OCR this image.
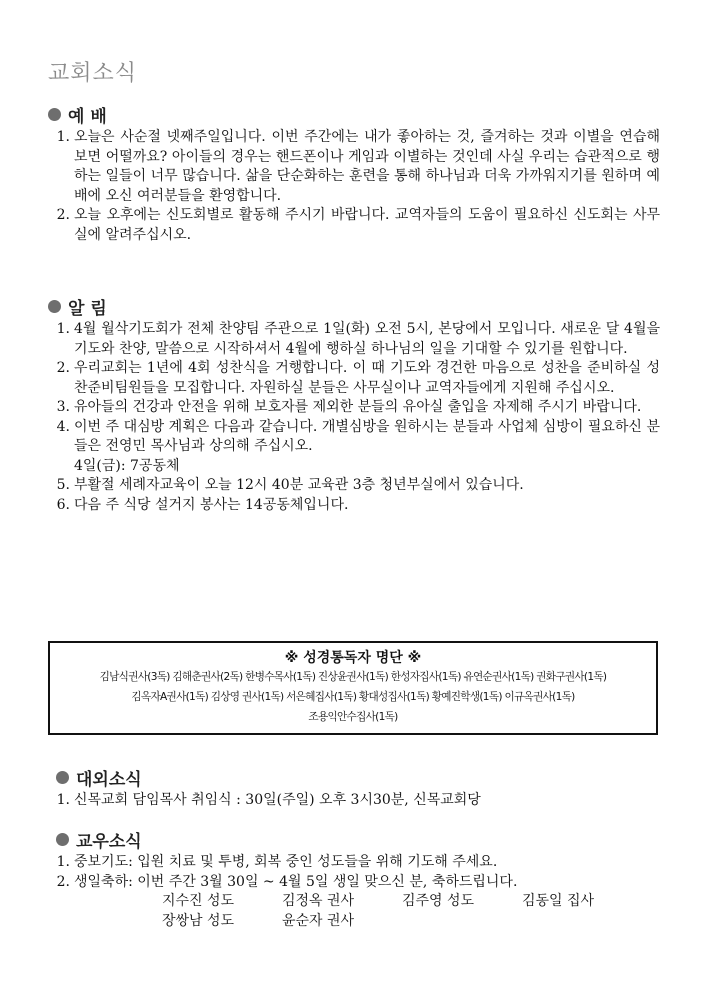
교회소식
예 배
1. 오늘은 사순절 넷째주일입니다. 이번 주간에는 내가 좋아하는 것, 즐겨하는 것과 이별을 연습해 보면 어떨까요? 아이들의 경우는 핸드폰이나 게임과 이별하는 것인데 사실 우리는 습관적으로 행하는 일들이 너무 많습니다. 삶을 단순화하는 훈련을 통해 하나님과 더욱 가까워지기를 원하며 예배에 오신 여러분들을 환영합니다.
2. 오늘 오후에는 신도회별로 활동해 주시기 바랍니다. 교역자들의 도움이 필요하신 신도회는 사무실에 알려주십시오.
알 림
1. 4월 월삭기도회가 전체 찬양팀 주관으로 1일(화) 오전 5시, 본당에서 모입니다. 새로운 달 4월을 기도와 찬양, 말씀으로 시작하셔서 4월에 행하실 하나님의 일을 기대할 수 있기를 원합니다.
2. 우리교회는 1년에 4회 성찬식을 거행합니다. 이 때 기도와 경건한 마음으로 성찬을 준비하실 성찬준비팀원들을 모집합니다. 자원하실 분들은 사무실이나 교역자들에게 지원해 주십시오.
3. 유아들의 건강과 안전을 위해 보호자를 제외한 분들의 유아실 출입을 자제해 주시기 바랍니다.
4. 이번 주 대심방 계획은 다음과 같습니다. 개별심방을 원하시는 분들과 사업체 심방이 필요하신 분들은 전영민 목사님과 상의해 주십시오.
4일(금): 7공동체
5. 부활절 세례자교육이 오늘 12시 40분 교육관 3층 청년부실에서 있습니다.
6. 다음 주 식당 설거지 봉사는 14공동체입니다.
※ 성경통독자 명단 ※
김남식권사(3독) 김해춘권사(2독) 한병수목사(1독) 진상윤권사(1독) 한성자집사(1독) 유연순권사(1독) 권화구권사(1독)
김옥자A권사(1독) 김상영 권사(1독) 서은혜집사(1독) 황대성집사(1독) 황예진학생(1독) 이규옥권사(1독)
조용익안수집사(1독)
대외소식
1. 신목교회 담임목사 취임식 : 30일(주일) 오후 3시30분, 신목교회당
교우소식
1. 중보기도: 입원 치료 및 투병, 회복 중인 성도들을 위해 기도해 주세요.
2. 생일축하: 이번 주간 3월 30일 ~ 4월 5일 생일 맞으신 분, 축하드립니다.
지수진 성도	김정옥 권사	김주영 성도	김동일 집사
장쌍남 성도	윤순자 권사
